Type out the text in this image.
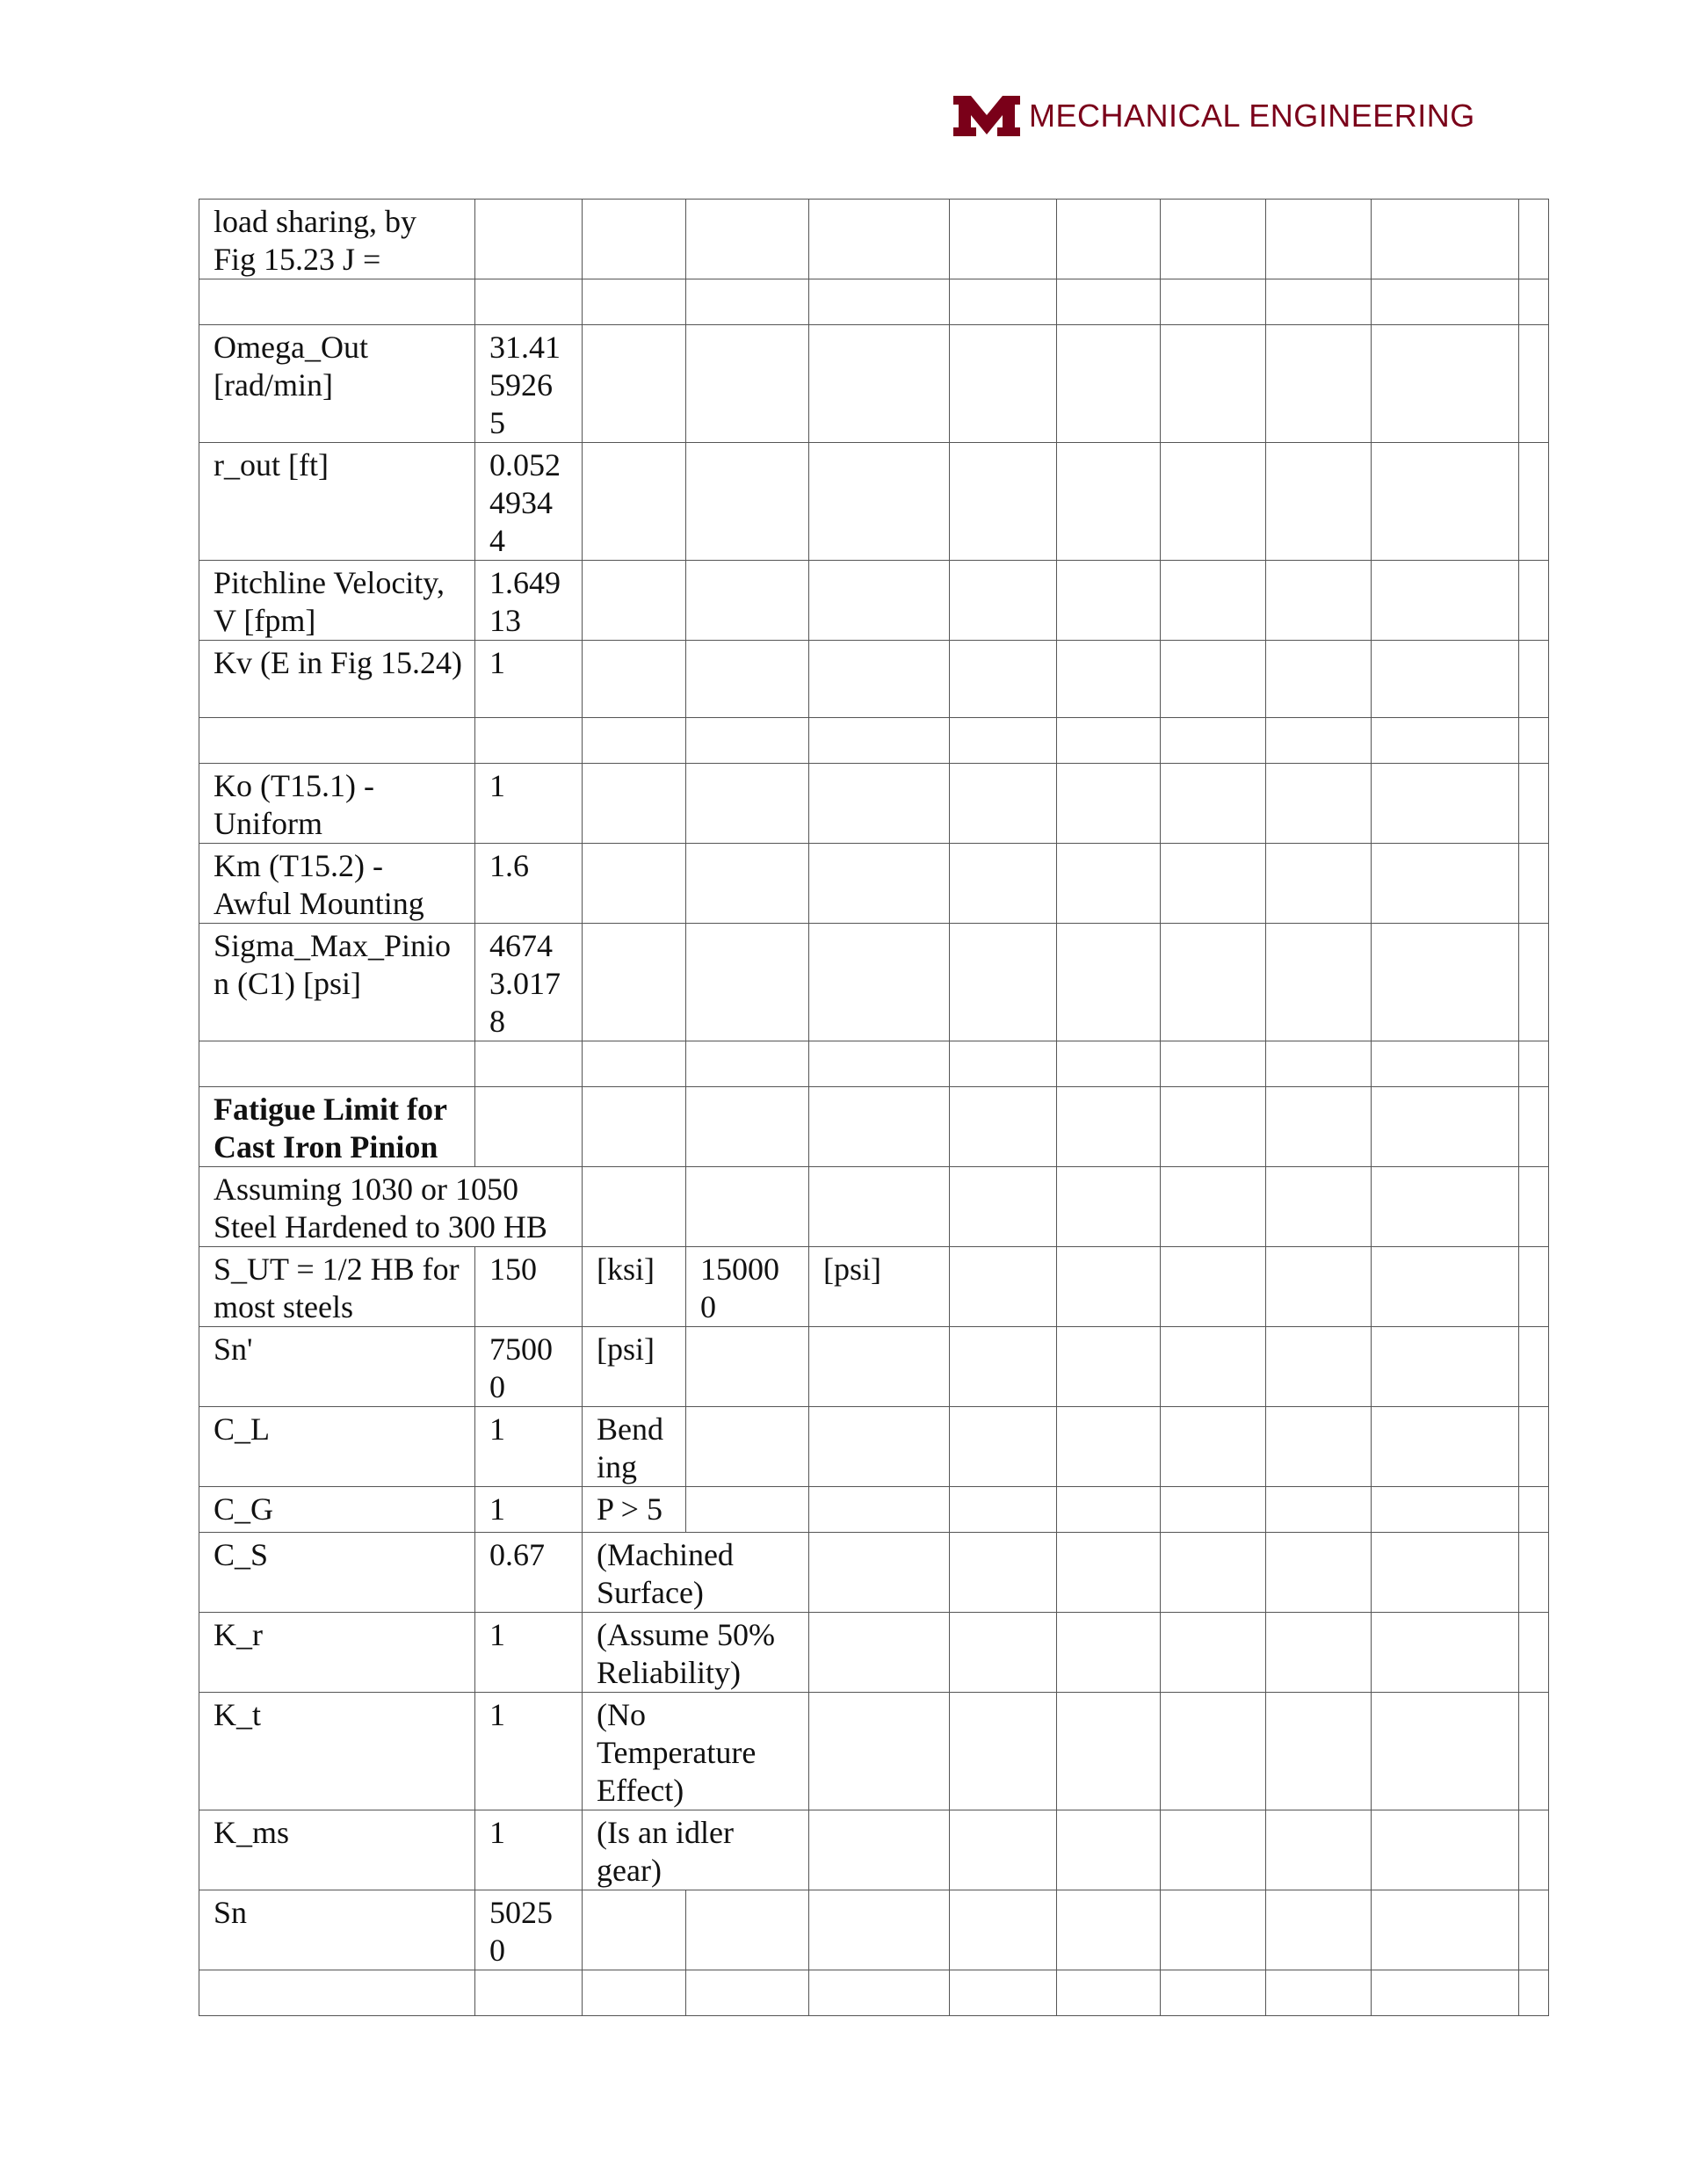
MECHANICAL ENGINEERING
load sharing, by Fig 15.23 J =										

Omega_Out [rad/min]	31.415926 5									
r_out [ft]	0.052 4934 4									
Pitchline Velocity, V [fpm]	1.649 13									
Kv (E in Fig 15.24)	1									

Ko (T15.1) - Uniform	1									
Km (T15.2) - Awful Mounting	1.6									
Sigma_Max_Pinion (C1) [psi]	4674 3.017 8									

Fatigue Limit for Cast Iron Pinion										
Assuming 1030 or 1050 Steel Hardened to 300 HB										
S_UT = 1/2 HB for most steels	150	[ksi]	15000 0	[psi]						
Sn'	7500 0	[psi]								
C_L	1	Bend ing								
C_G	1	P > 5								
C_S	0.67	(Machined Surface)								
K_r	1	(Assume 50% Reliability)								
K_t	1	(No Temperature Effect)								
K_ms	1	(Is an idler gear)								
Sn	5025 0									
